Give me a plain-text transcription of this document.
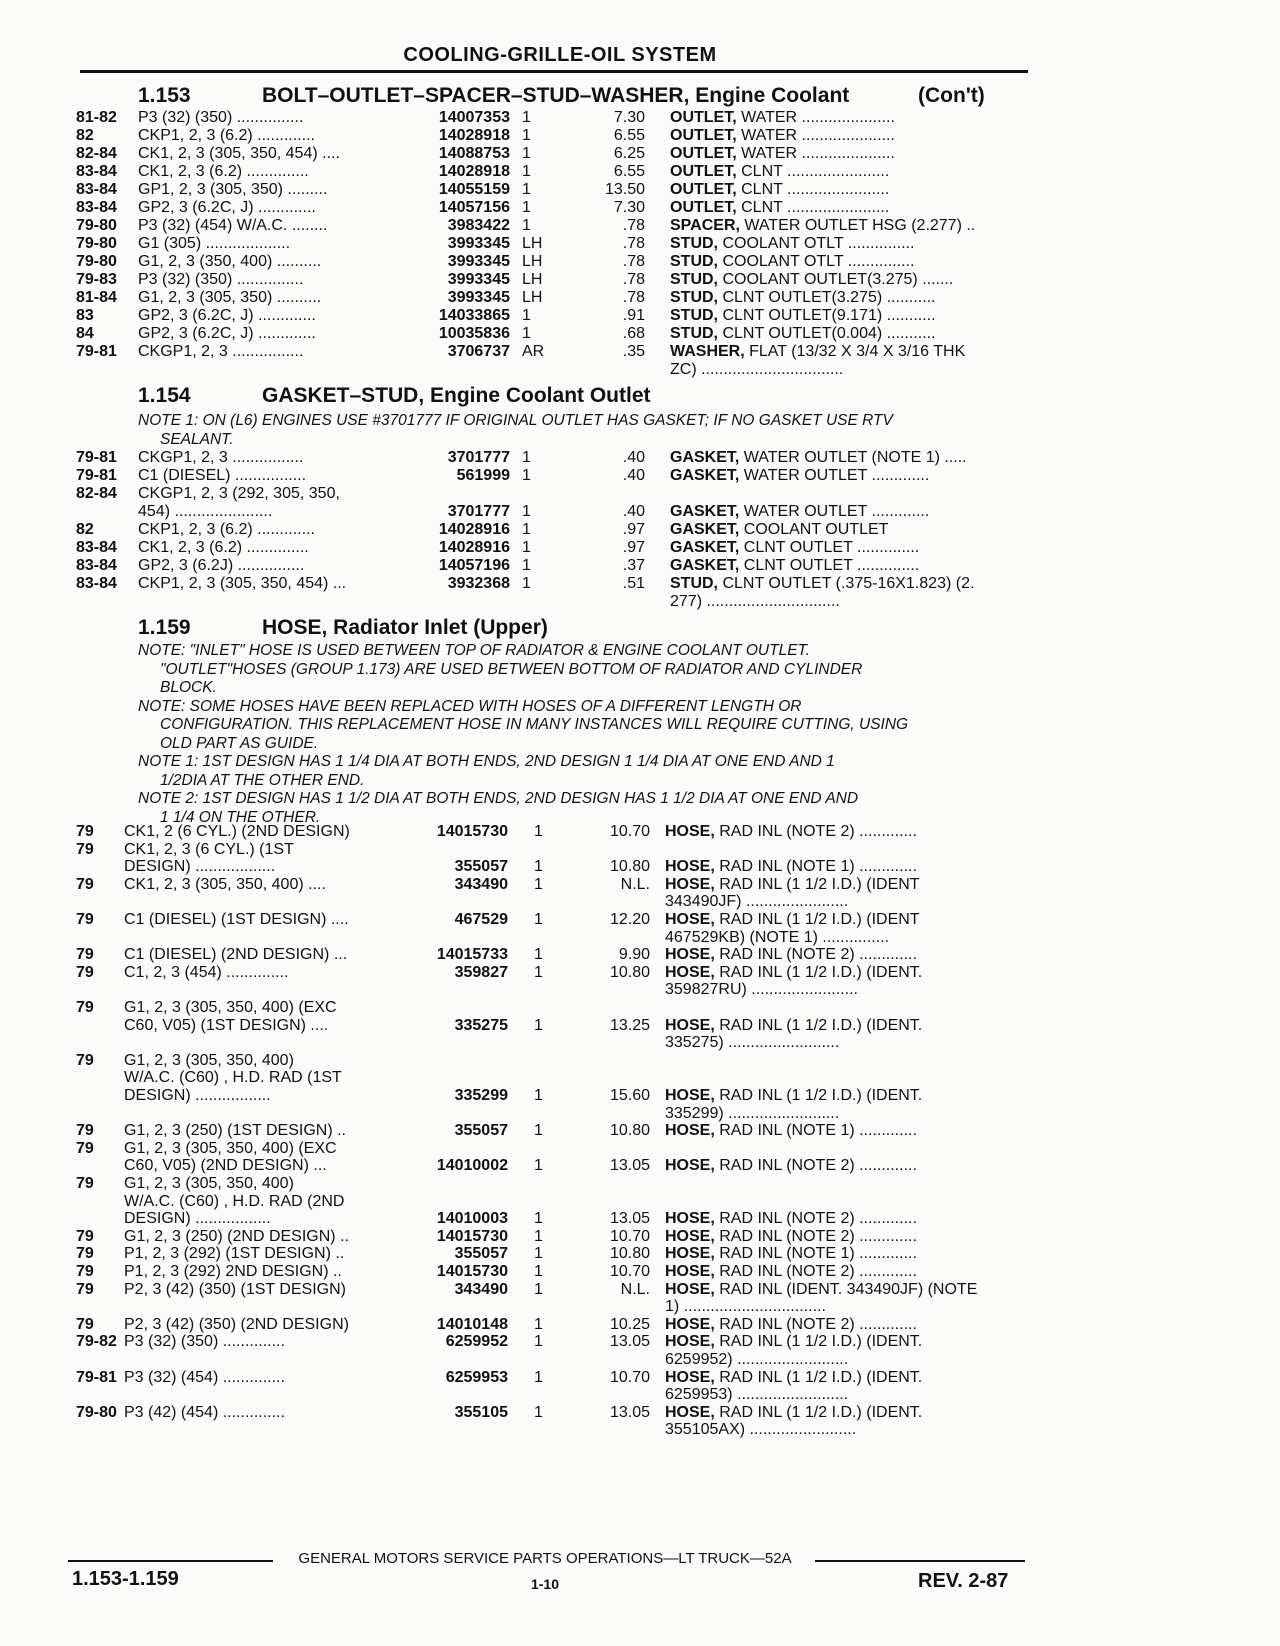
COOLING-GRILLE-OIL SYSTEM
1.153	BOLT–OUTLET–SPACER–STUD–WASHER, Engine Coolant	(Con't)
81-82 P3 (32) (350) ...............	14007353 1	7.30 OUTLET, WATER .....................
82	CKP1, 2, 3 (6.2) .............	14028918 1	6.55 OUTLET, WATER .....................
82-84 CK1, 2, 3 (305, 350, 454) ....	14088753 1	6.25 OUTLET, WATER .....................
83-84 CK1, 2, 3 (6.2) ..............	14028918 1	6.55 OUTLET, CLNT .......................
83-84 GP1, 2, 3 (305, 350) .........	14055159 1	13.50 OUTLET, CLNT .......................
83-84 GP2, 3 (6.2C, J) .............	14057156 1	7.30 OUTLET, CLNT .......................
79-80 P3 (32) (454) W/A.C. ........	3983422 1	.78 SPACER, WATER OUTLET HSG (2.277) ..
79-80 G1 (305) ...................	3993345 LH	.78 STUD, COOLANT OTLT ...............
79-80 G1, 2, 3 (350, 400) ..........	3993345 LH	.78 STUD, COOLANT OTLT ...............
79-83 P3 (32) (350) ...............	3993345 LH	.78 STUD, COOLANT OUTLET(3.275) .......
81-84 G1, 2, 3 (305, 350) ..........	3993345 LH	.78 STUD, CLNT OUTLET(3.275) ...........
83	GP2, 3 (6.2C, J) .............	14033865 1	.91 STUD, CLNT OUTLET(9.171) ...........
84	GP2, 3 (6.2C, J) .............	10035836 1	.68 STUD, CLNT OUTLET(0.004) ...........
79-81 CKGP1, 2, 3 ................	3706737 AR	.35 WASHER, FLAT (13/32 X 3/4 X 3/16 THK
ZC) ................................
1.154	GASKET–STUD, Engine Coolant Outlet
NOTE 1: ON (L6) ENGINES USE #3701777 IF ORIGINAL OUTLET HAS GASKET; IF NO GASKET USE RTV
SEALANT.
79-81 CKGP1, 2, 3 ................	3701777 1	.40 GASKET, WATER OUTLET (NOTE 1) .....
79-81 C1 (DIESEL) ................	561999 1	.40 GASKET, WATER OUTLET .............
82-84 CKGP1, 2, 3 (292, 305, 350,
454) ......................	3701777 1	.40 GASKET, WATER OUTLET .............
82	CKP1, 2, 3 (6.2) .............	14028916 1	.97 GASKET, COOLANT OUTLET
83-84 CK1, 2, 3 (6.2) ..............	14028916 1	.97 GASKET, CLNT OUTLET ..............
83-84 GP2, 3 (6.2J) ...............	14057196 1	.37 GASKET, CLNT OUTLET ..............
83-84 CKP1, 2, 3 (305, 350, 454) ...	3932368 1	.51 STUD, CLNT OUTLET (.375-16X1.823) (2.
277) ..............................
1.159	HOSE, Radiator Inlet (Upper)
NOTE: "INLET" HOSE IS USED BETWEEN TOP OF RADIATOR & ENGINE COOLANT OUTLET.
"OUTLET"HOSES (GROUP 1.173) ARE USED BETWEEN BOTTOM OF RADIATOR AND CYLINDER
BLOCK.
NOTE: SOME HOSES HAVE BEEN REPLACED WITH HOSES OF A DIFFERENT LENGTH OR
CONFIGURATION. THIS REPLACEMENT HOSE IN MANY INSTANCES WILL REQUIRE CUTTING, USING
OLD PART AS GUIDE.
NOTE 1: 1ST DESIGN HAS 1 1/4 DIA AT BOTH ENDS, 2ND DESIGN 1 1/4 DIA AT ONE END AND 1
1/2DIA AT THE OTHER END.
NOTE 2: 1ST DESIGN HAS 1 1/2 DIA AT BOTH ENDS, 2ND DESIGN HAS 1 1/2 DIA AT ONE END AND
1 1/4 ON THE OTHER.
79 CK1, 2 (6 CYL.) (2ND DESIGN)	14015730 1	10.70 HOSE, RAD INL (NOTE 2) .............
79 CK1, 2, 3 (6 CYL.) (1ST
DESIGN) ..................	355057 1	10.80 HOSE, RAD INL (NOTE 1) .............
79 CK1, 2, 3 (305, 350, 400) ....	343490 1	N.L. HOSE, RAD INL (1 1/2 I.D.) (IDENT
343490JF) .......................
79 C1 (DIESEL) (1ST DESIGN) ....	467529 1	12.20 HOSE, RAD INL (1 1/2 I.D.) (IDENT
467529KB) (NOTE 1) ...............
79 C1 (DIESEL) (2ND DESIGN) ...	14015733 1	9.90 HOSE, RAD INL (NOTE 2) .............
79 C1, 2, 3 (454) ..............	359827 1	10.80 HOSE, RAD INL (1 1/2 I.D.) (IDENT.
359827RU) ........................
79 G1, 2, 3 (305, 350, 400) (EXC
C60, V05) (1ST DESIGN) ....	335275 1	13.25 HOSE, RAD INL (1 1/2 I.D.) (IDENT.
335275) .........................
79 G1, 2, 3 (305, 350, 400)
W/A.C. (C60) , H.D. RAD (1ST
DESIGN) .................	335299 1	15.60 HOSE, RAD INL (1 1/2 I.D.) (IDENT.
335299) .........................
79 G1, 2, 3 (250) (1ST DESIGN) ..	355057 1	10.80 HOSE, RAD INL (NOTE 1) .............
79 G1, 2, 3 (305, 350, 400) (EXC
C60, V05) (2ND DESIGN) ...	14010002 1	13.05 HOSE, RAD INL (NOTE 2) .............
79 G1, 2, 3 (305, 350, 400)
W/A.C. (C60) , H.D. RAD (2ND
DESIGN) .................	14010003 1	13.05 HOSE, RAD INL (NOTE 2) .............
79 G1, 2, 3 (250) (2ND DESIGN) ..	14015730 1	10.70 HOSE, RAD INL (NOTE 2) .............
79 P1, 2, 3 (292) (1ST DESIGN) ..	355057 1	10.80 HOSE, RAD INL (NOTE 1) .............
79 P1, 2, 3 (292) 2ND DESIGN) ..	14015730 1	10.70 HOSE, RAD INL (NOTE 2) .............
79 P2, 3 (42) (350) (1ST DESIGN)	343490 1	N.L. HOSE, RAD INL (IDENT. 343490JF) (NOTE
1) ................................
79 P2, 3 (42) (350) (2ND DESIGN)	14010148 1	10.25 HOSE, RAD INL (NOTE 2) .............
79-82 P3 (32) (350) ..............	6259952 1	13.05 HOSE, RAD INL (1 1/2 I.D.) (IDENT.
6259952) .........................
79-81 P3 (32) (454) ..............	6259953 1	10.70 HOSE, RAD INL (1 1/2 I.D.) (IDENT.
6259953) .........................
79-80 P3 (42) (454) ..............	355105 1	13.05 HOSE, RAD INL (1 1/2 I.D.) (IDENT.
355105AX) ........................
GENERAL MOTORS SERVICE PARTS OPERATIONS—LT TRUCK—52A
1.153-1.159	1-10	REV. 2-87
